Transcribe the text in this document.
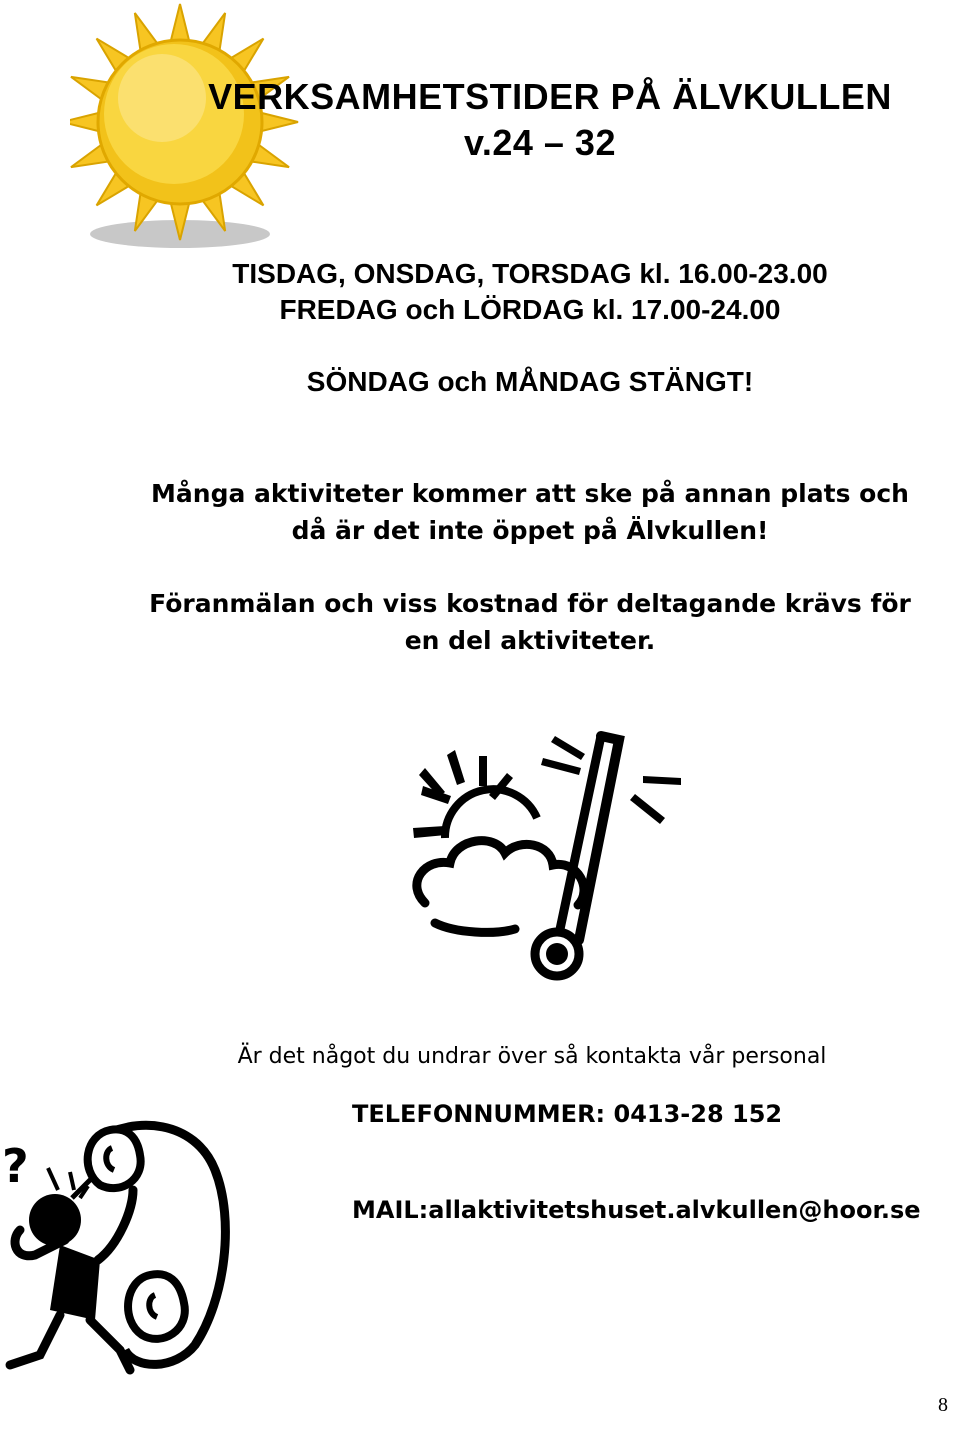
VERKSAMHETSTIDER PÅ ÄLVKULLEN
v.24 – 32
TISDAG, ONSDAG, TORSDAG kl. 16.00-23.00
FREDAG och LÖRDAG kl. 17.00-24.00
SÖNDAG och MÅNDAG STÄNGT!
Många aktiviteter kommer att ske på annan plats och
då är det inte öppet på Älvkullen!
Föranmälan och viss kostnad för deltagande krävs för
en del aktiviteter.
Är det något du undrar över så kontakta vår personal
TELEFONNUMMER: 0413-28 152
MAIL:allaktivitetshuset.alvkullen@hoor.se
?
8
